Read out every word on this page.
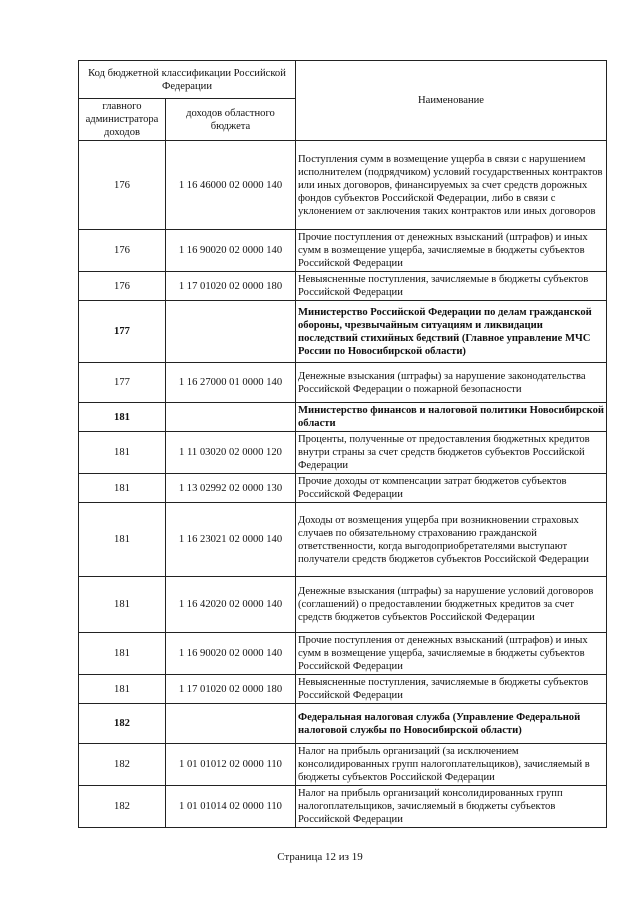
Код бюджетной классификации Российской Федерации		Наименование
главного администратора доходов	доходов областного бюджета	
176	1 16 46000 02 0000 140	Поступления сумм в возмещение ущерба в связи с нарушением исполнителем (подрядчиком) условий государственных контрактов или иных договоров, финансируемых за счет средств дорожных фондов субъектов Российской Федерации, либо в связи с уклонением от заключения таких контрактов или иных договоров
176	1 16 90020 02 0000 140	Прочие поступления от денежных взысканий (штрафов) и иных сумм в возмещение ущерба, зачисляемые в бюджеты субъектов Российской Федерации
176	1 17 01020 02 0000 180	Невыясненные поступления, зачисляемые в бюджеты субъектов Российской Федерации
177		Министерство Российской Федерации по делам гражданской обороны, чрезвычайным ситуациям и ликвидации последствий стихийных бедствий (Главное управление МЧС России по Новосибирской области)
177	1 16 27000 01 0000 140	Денежные взыскания (штрафы) за нарушение законодательства Российской Федерации о пожарной безопасности
181		Министерство финансов и налоговой политики Новосибирской области
181	1 11 03020 02 0000 120	Проценты, полученные от предоставления бюджетных кредитов внутри страны за счет средств бюджетов субъектов Российской Федерации
181	1 13 02992 02 0000 130	Прочие доходы от компенсации затрат бюджетов субъектов Российской Федерации
181	1 16 23021 02 0000 140	Доходы от возмещения ущерба при возникновении страховых случаев по обязательному страхованию гражданской ответственности, когда выгодоприобретателями выступают получатели средств бюджетов субъектов Российской Федерации
181	1 16 42020 02 0000 140	Денежные взыскания (штрафы) за нарушение условий договоров (соглашений) о предоставлении бюджетных кредитов за счет средств бюджетов субъектов Российской Федерации
181	1 16 90020 02 0000 140	Прочие поступления от денежных взысканий (штрафов) и иных сумм в возмещение ущерба, зачисляемые в бюджеты субъектов Российской Федерации
181	1 17 01020 02 0000 180	Невыясненные поступления, зачисляемые в бюджеты субъектов Российской Федерации
182		Федеральная налоговая служба (Управление Федеральной налоговой службы по Новосибирской области)
182	1 01 01012 02 0000 110	Налог на прибыль организаций (за исключением консолидированных групп налогоплательщиков), зачисляемый в бюджеты субъектов Российской Федерации
182	1 01 01014 02 0000 110	Налог на прибыль организаций консолидированных групп налогоплательщиков, зачисляемый в бюджеты субъектов Российской Федерации
Страница 12 из 19
